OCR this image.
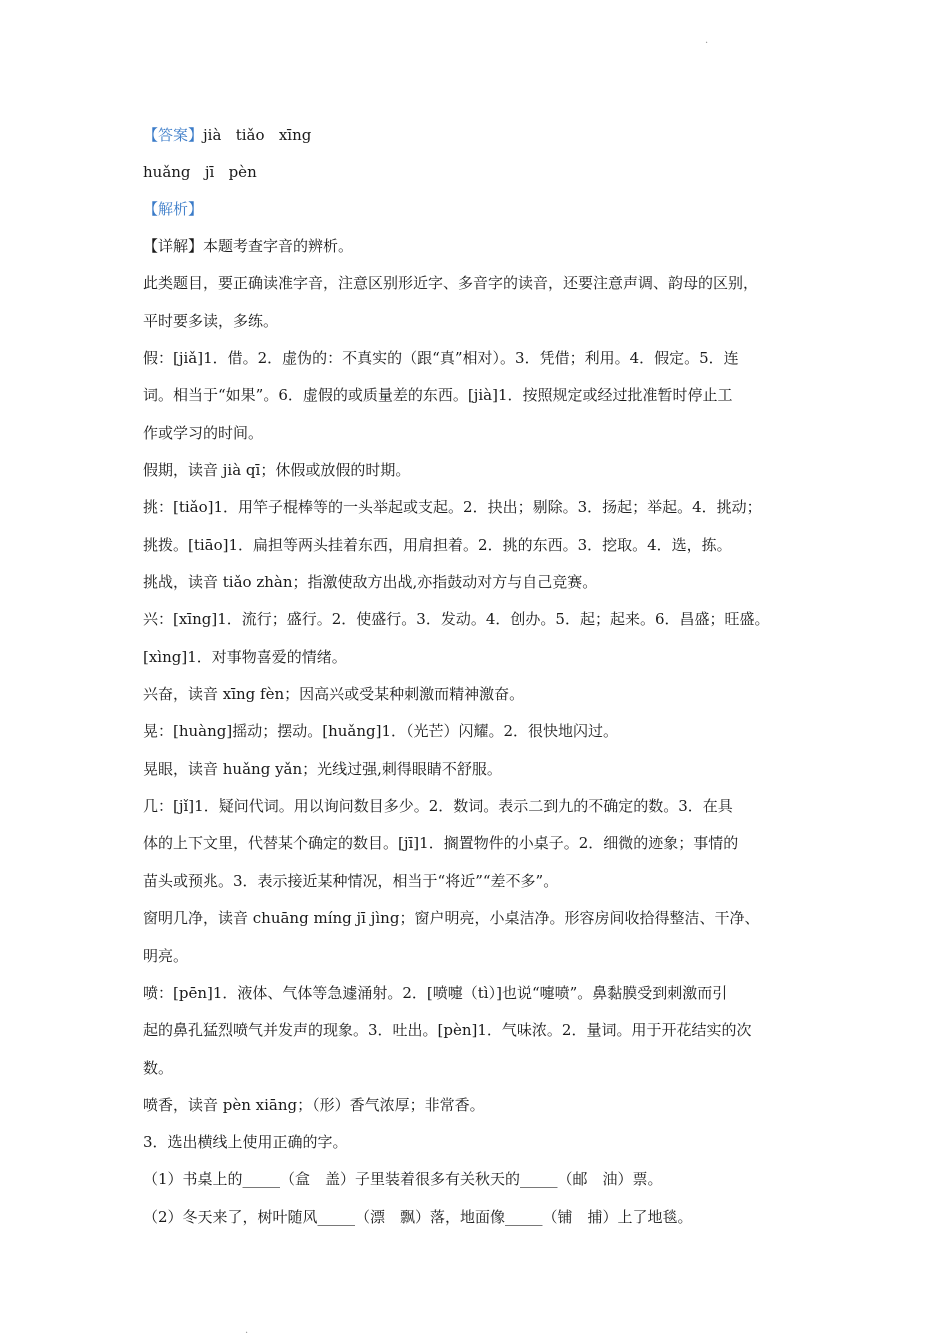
·
【答案】jià   tiǎo   xīng
huǎng   jī   pèn
【解析】
【详解】本题考查字音的辨析。
此类题目，要正确读准字音，注意区别形近字、多音字的读音，还要注意声调、韵母的区别，
平时要多读，多练。
假：[jiǎ]1．借。2．虚伪的：不真实的（跟“真”相对）。3．凭借；利用。4．假定。5．连
词。相当于“如果”。6．虚假的或质量差的东西。[jià]1．按照规定或经过批准暂时停止工
作或学习的时间。
假期，读音 jià qī；休假或放假的时期。
挑：[tiǎo]1．用竿子棍棒等的一头举起或支起。2．抉出；剔除。3．扬起；举起。4．挑动；
挑拨。[tiāo]1．扁担等两头挂着东西，用肩担着。2．挑的东西。3．挖取。4．选，拣。
挑战，读音 tiǎo zhàn；指激使敌方出战,亦指鼓动对方与自己竞赛。
兴：[xīng]1．流行；盛行。2．使盛行。3．发动。4．创办。5．起；起来。6．昌盛；旺盛。
[xìng]1．对事物喜爱的情绪。
兴奋，读音 xīng fèn；因高兴或受某种刺激而精神激奋。
晃：[huàng]摇动；摆动。[huǎng]1．（光芒）闪耀。2．很快地闪过。
晃眼，读音 huǎng yǎn；光线过强,刺得眼睛不舒服。
几：[jǐ]1．疑问代词。用以询问数目多少。2．数词。表示二到九的不确定的数。3．在具
体的上下文里，代替某个确定的数目。[jī]1．搁置物件的小桌子。2．细微的迹象；事情的
苗头或预兆。3．表示接近某种情况，相当于“将近”“差不多”。
窗明几净，读音 chuāng míng jī jìng；窗户明亮，小桌洁净。形容房间收拾得整洁、干净、
明亮。
喷：[pēn]1．液体、气体等急遽涌射。2．[喷嚏（tì）]也说“嚏喷”。鼻黏膜受到刺激而引
起的鼻孔猛烈喷气并发声的现象。3．吐出。[pèn]1．气味浓。2．量词。用于开花结实的次
数。
喷香，读音 pèn xiāng；（形）香气浓厚；非常香。
3．选出横线上使用正确的字。
（1）书桌上的_____（盒　盖）子里装着很多有关秋天的_____（邮　油）票。
（2）冬天来了，树叶随风_____（漂　飘）落，地面像_____（铺　捕）上了地毯。
·
